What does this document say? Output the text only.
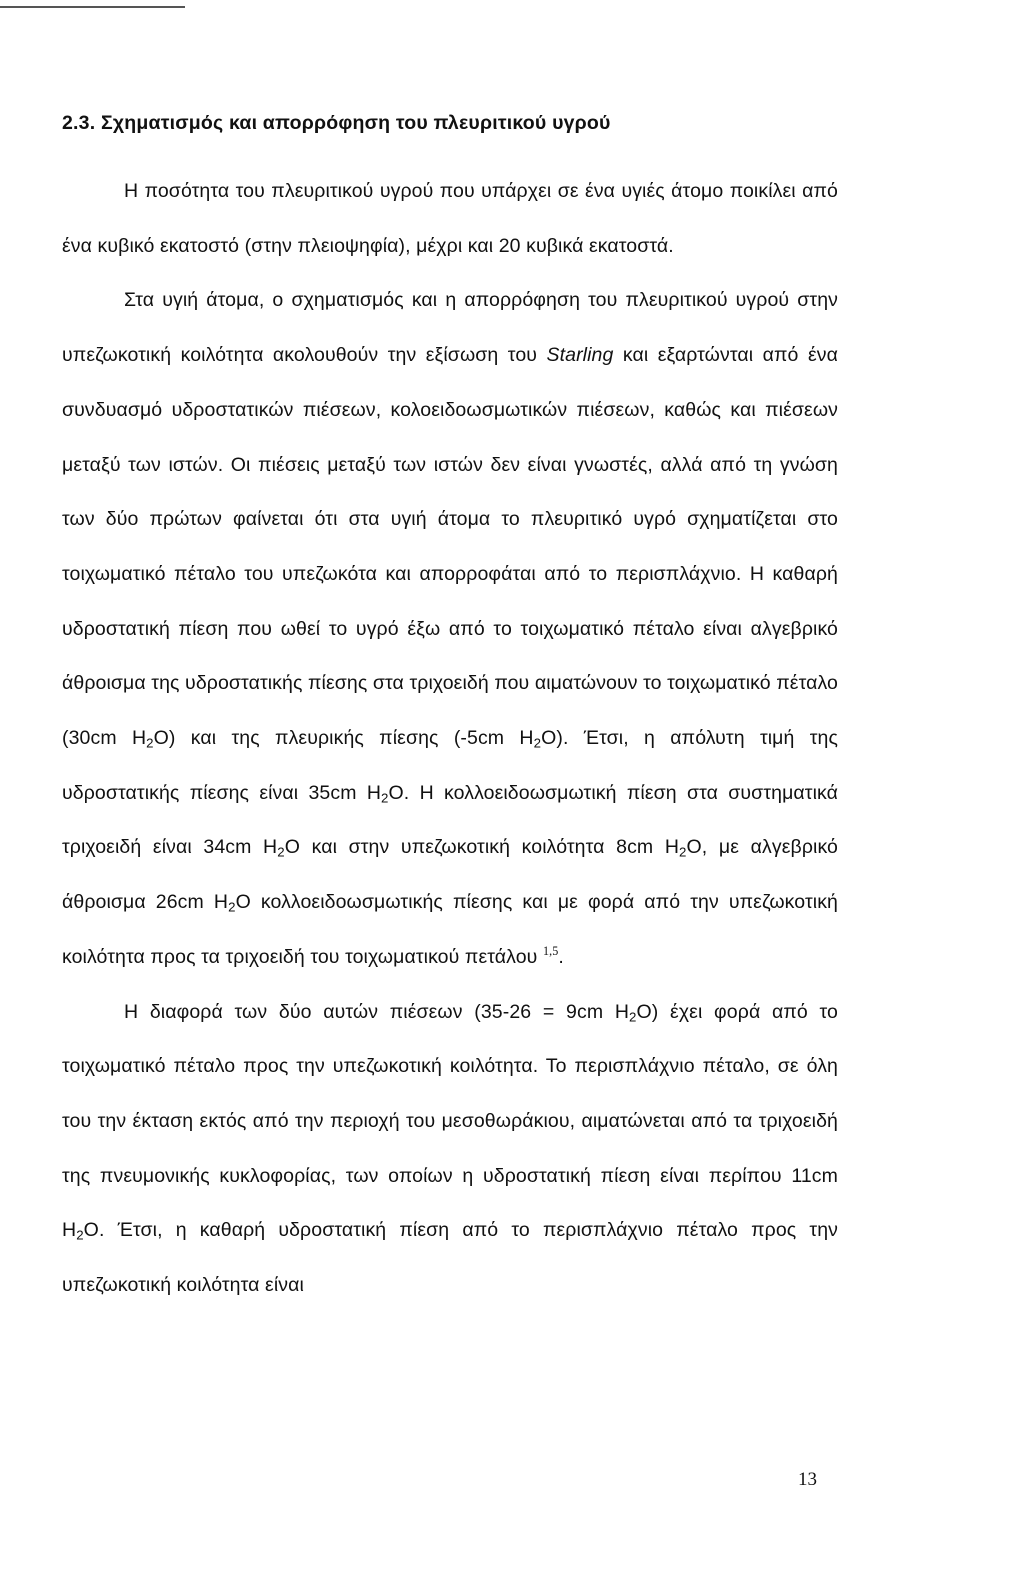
2.3. Σχηματισμός και απορρόφηση του πλευριτικού υγρού

Η ποσότητα του πλευριτικού υγρού που υπάρχει σε ένα υγιές άτομο ποικίλει από ένα κυβικό εκατοστό (στην πλειοψηφία), μέχρι και 20 κυβικά εκατοστά.

Στα υγιή άτομα, ο σχηματισμός και η απορρόφηση του πλευριτικού υγρού στην υπεζωκοτική κοιλότητα ακολουθούν την εξίσωση του Starling και εξαρτώνται από ένα συνδυασμό υδροστατικών πιέσεων, κολοειδοωσμωτικών πιέσεων, καθώς και πιέσεων μεταξύ των ιστών. Οι πιέσεις μεταξύ των ιστών δεν είναι γνωστές, αλλά από τη γνώση των δύο πρώτων φαίνεται ότι στα υγιή άτομα το πλευριτικό υγρό σχηματίζεται στο τοιχωματικό πέταλο του υπεζωκότα και απορροφάται από το περισπλάχνιο. Η καθαρή υδροστατική πίεση που ωθεί το υγρό έξω από το τοιχωματικό πέταλο είναι αλγεβρικό άθροισμα της υδροστατικής πίεσης στα τριχοειδή που αιματώνουν το τοιχωματικό πέταλο (30cm $H_2O$) και της πλευρικής πίεσης (-5cm $H_2O$). Έτσι, η απόλυτη τιμή της υδροστατικής πίεσης είναι 35cm $H_2O$. Η κολλοειδοωσμωτική πίεση στα συστηματικά τριχοειδή είναι 34cm $H_2O$ και στην υπεζωκοτική κοιλότητα 8cm $H_2O$, με αλγεβρικό άθροισμα 26cm $H_2O$ κολλοειδοωσμωτικής πίεσης και με φορά από την υπεζωκοτική κοιλότητα προς τα τριχοειδή του τοιχωματικού πετάλου $^{1,5}$.

Η διαφορά των δύο αυτών πιέσεων (35-26 = 9cm $H_2O$) έχει φορά από το τοιχωματικό πέταλο προς την υπεζωκοτική κοιλότητα. Το περισπλάχνιο πέταλο, σε όλη του την έκταση εκτός από την περιοχή του μεσοθωράκιου, αιματώνεται από τα τριχοειδή της πνευμονικής κυκλοφορίας, των οποίων η υδροστατική πίεση είναι περίπου 11cm $H_2O$. Έτσι, η καθαρή υδροστατική πίεση από το περισπλάχνιο πέταλο προς την υπεζωκοτική κοιλότητα είναι

13
